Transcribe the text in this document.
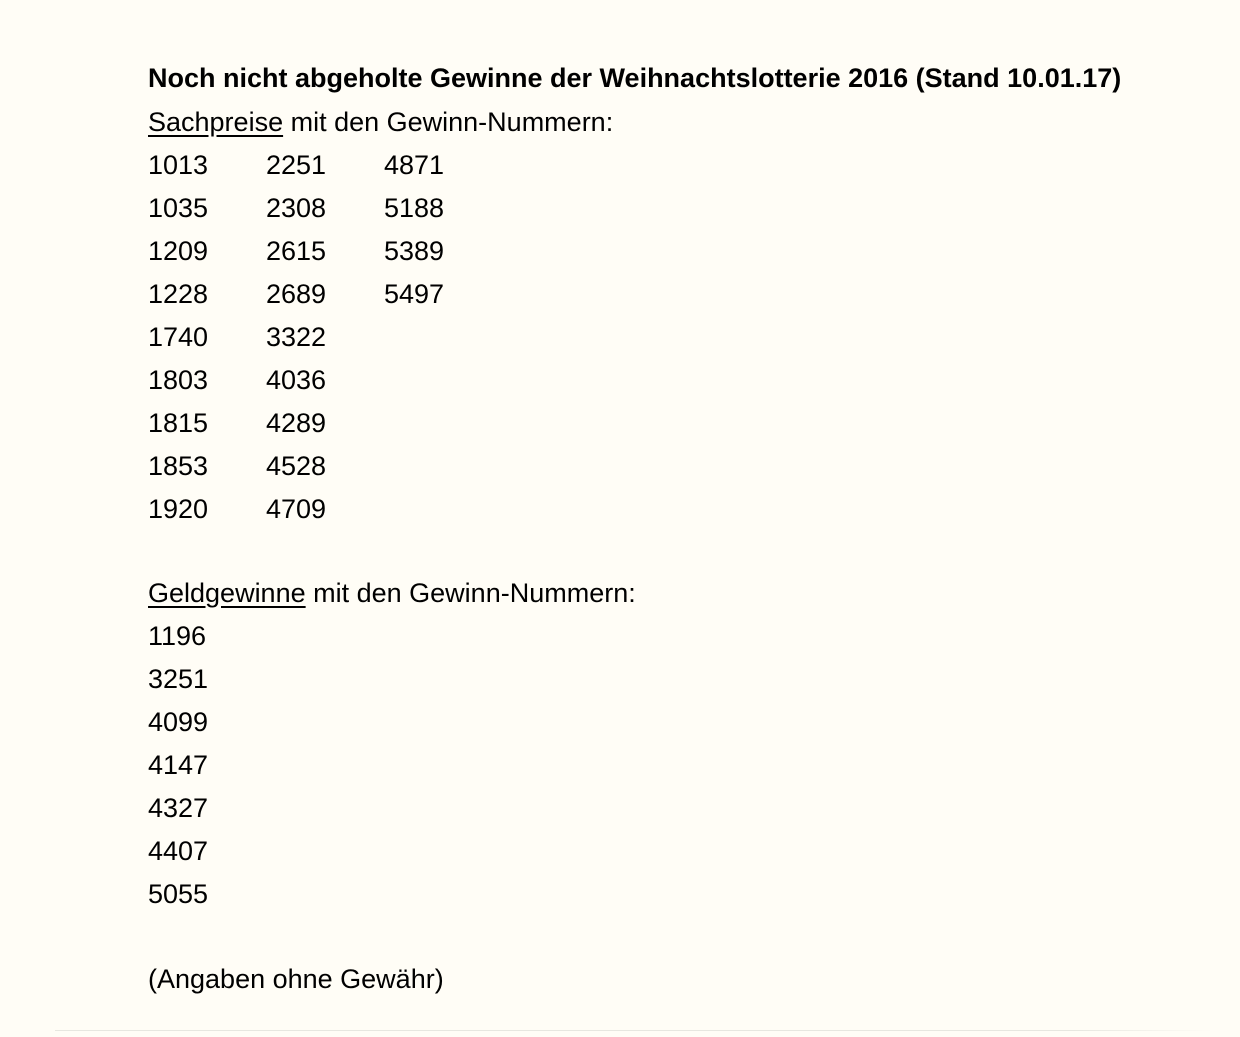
Noch nicht abgeholte Gewinne der Weihnachtslotterie 2016 (Stand 10.01.17)

Sachpreise mit den Gewinn-Nummern:

1013 2251 4871
1035 2308 5188
1209 2615 5389
1228 2689 5497
1740 3322
1803 4036
1815 4289
1853 4528
1920 4709

Geldgewinne mit den Gewinn-Nummern:

1196
3251
4099
4147
4327
4407
5055

(Angaben ohne Gewähr)
